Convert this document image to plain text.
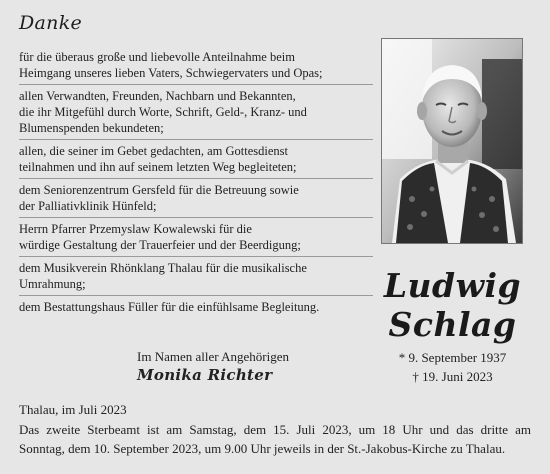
Danke
für die überaus große und liebevolle Anteilnahme beim
Heimgang unseres lieben Vaters, Schwiegervaters und Opas;
allen Verwandten, Freunden, Nachbarn und Bekannten,
die ihr Mitgefühl durch Worte, Schrift, Geld-, Kranz- und
Blumenspenden bekundeten;
allen, die seiner im Gebet gedachten, am Gottesdienst
teilnahmen und ihn auf seinem letzten Weg begleiteten;
dem Seniorenzentrum Gersfeld für die Betreuung sowie
der Palliativklinik Hünfeld;
Herrn Pfarrer Przemyslaw Kowalewski für die
würdige Gestaltung der Trauerfeier und der Beerdigung;
dem Musikverein Rhönklang Thalau für die musikalische
Umrahmung;
dem Bestattungshaus Füller für die einfühlsame Begleitung.
Ludwig
Schlag
* 9. September 1937
† 19. Juni 2023
Im Namen aller Angehörigen
Monika Richter
Thalau, im Juli 2023
Das zweite Sterbeamt ist am Samstag, dem 15. Juli 2023, um 18 Uhr und das dritte am
Sonntag, dem 10. September 2023, um 9.00 Uhr jeweils in der St.-Jakobus-Kirche zu Thalau.
